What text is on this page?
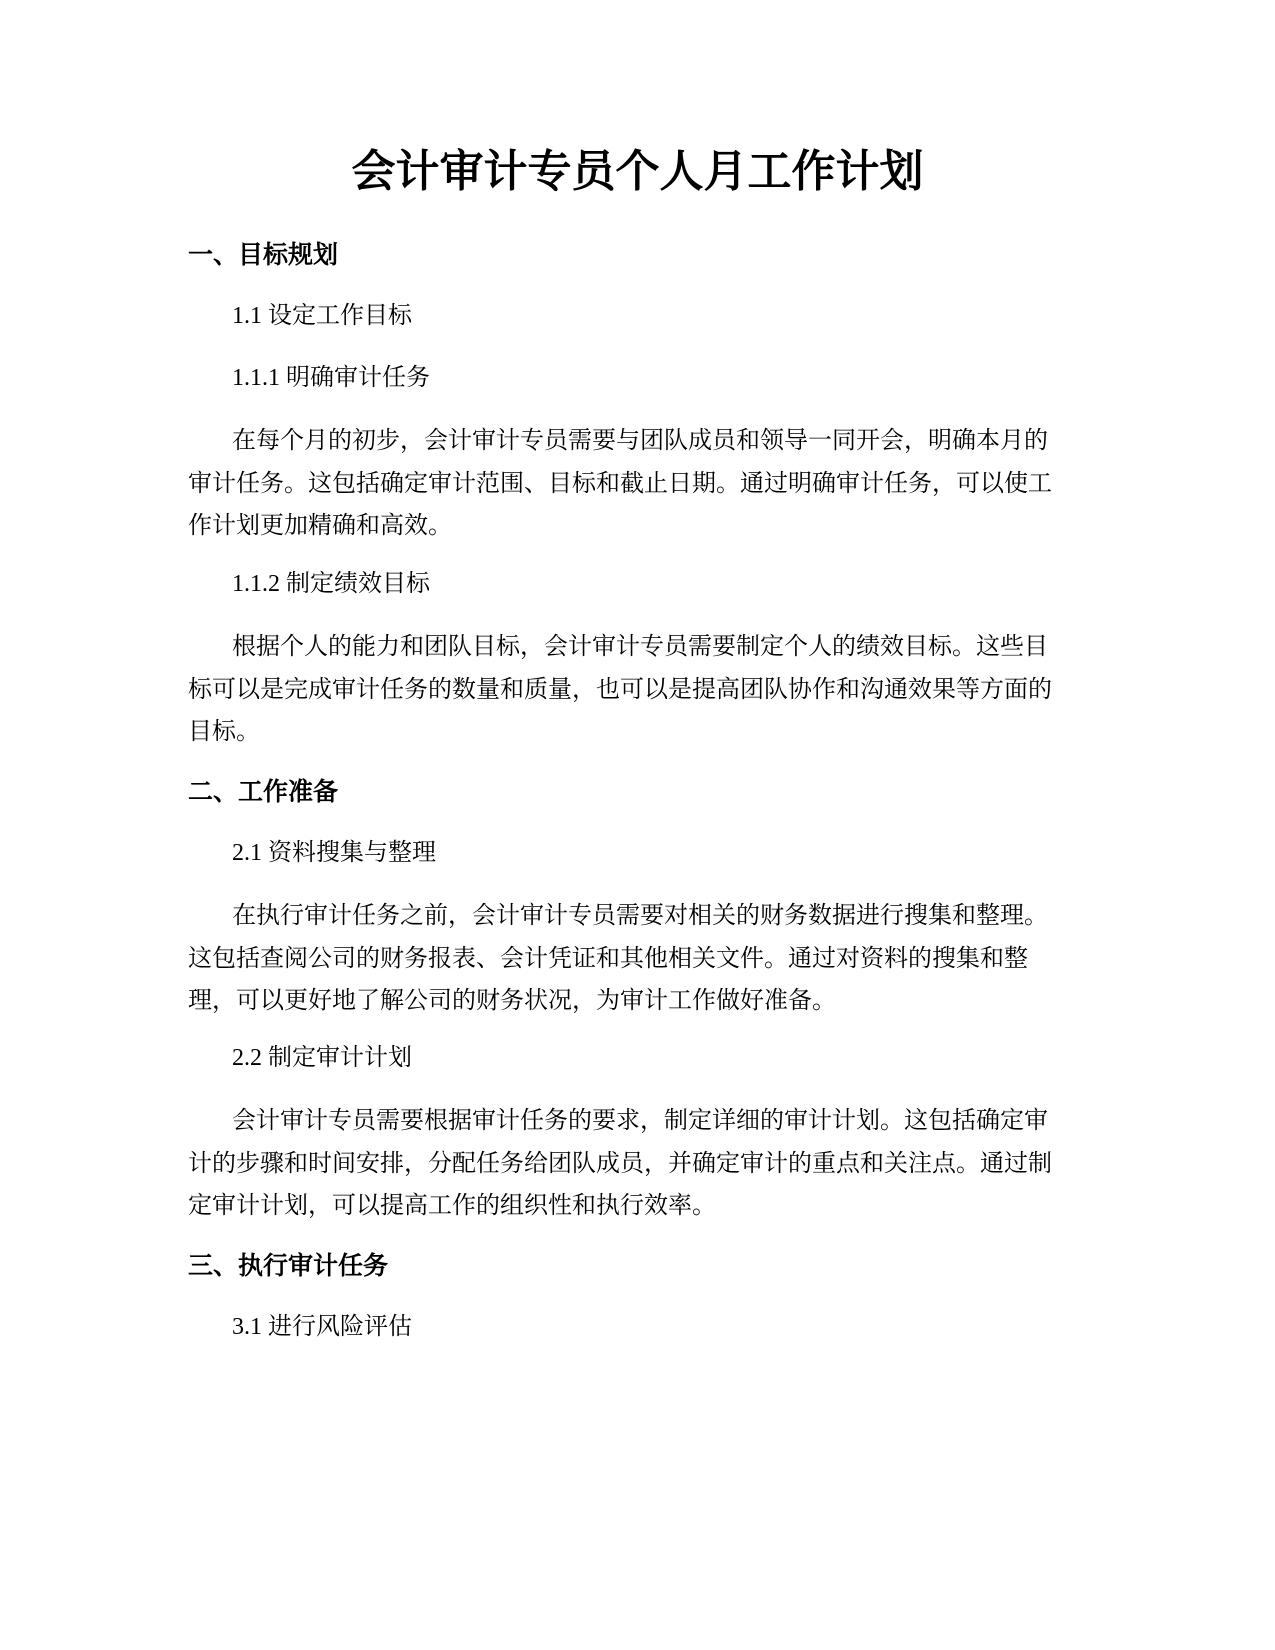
会计审计专员个人月工作计划
一、目标规划
1.1 设定工作目标
1.1.1 明确审计任务
在每个月的初步，会计审计专员需要与团队成员和领导一同开会，明确本月的
审计任务。这包括确定审计范围、目标和截止日期。通过明确审计任务，可以使工
作计划更加精确和高效。
1.1.2 制定绩效目标
根据个人的能力和团队目标，会计审计专员需要制定个人的绩效目标。这些目
标可以是完成审计任务的数量和质量，也可以是提高团队协作和沟通效果等方面的
目标。
二、工作准备
2.1 资料搜集与整理
在执行审计任务之前，会计审计专员需要对相关的财务数据进行搜集和整理。
这包括查阅公司的财务报表、会计凭证和其他相关文件。通过对资料的搜集和整
理，可以更好地了解公司的财务状况，为审计工作做好准备。
2.2 制定审计计划
会计审计专员需要根据审计任务的要求，制定详细的审计计划。这包括确定审
计的步骤和时间安排，分配任务给团队成员，并确定审计的重点和关注点。通过制
定审计计划，可以提高工作的组织性和执行效率。
三、执行审计任务
3.1 进行风险评估
